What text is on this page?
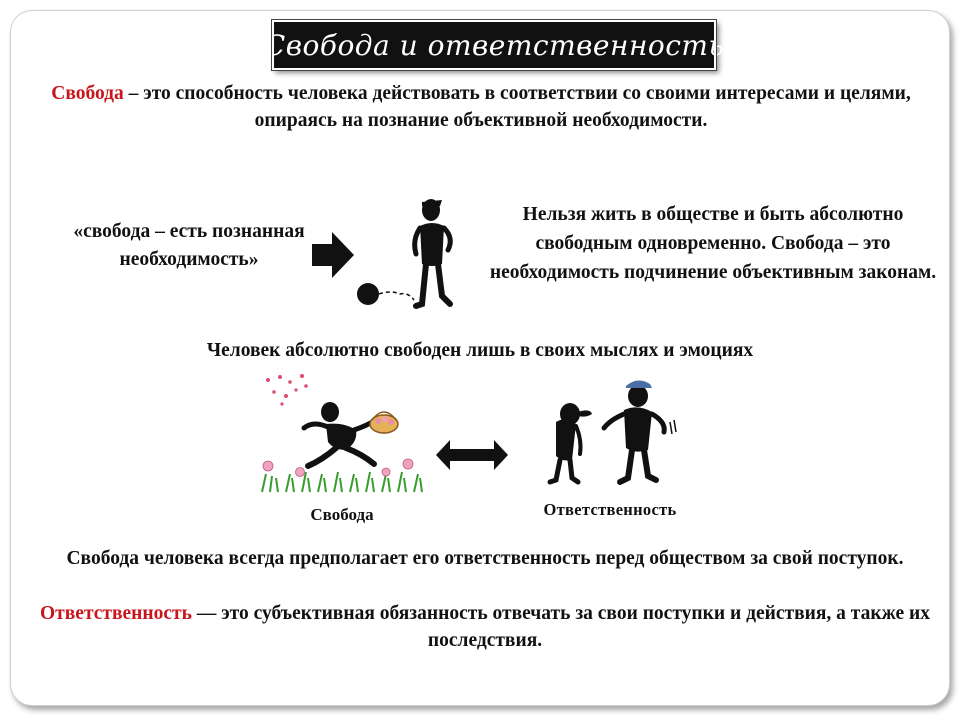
Свобода и ответственность
Свобода – это способность человека действовать в соответствии со своими интересами и целями, опираясь на познание объективной необходимости.
«свобода – есть познанная необходимость»
Нельзя жить в обществе и быть абсолютно свободным одновременно. Свобода – это необходимость подчинение объективным законам.
Человек абсолютно свободен лишь в своих мыслях и эмоциях
Свобода	Ответственность
Свобода человека всегда предполагает его ответственность перед обществом за свой поступок.
Ответственность — это субъективная обязанность отвечать за свои поступки и действия, а также их последствия.
